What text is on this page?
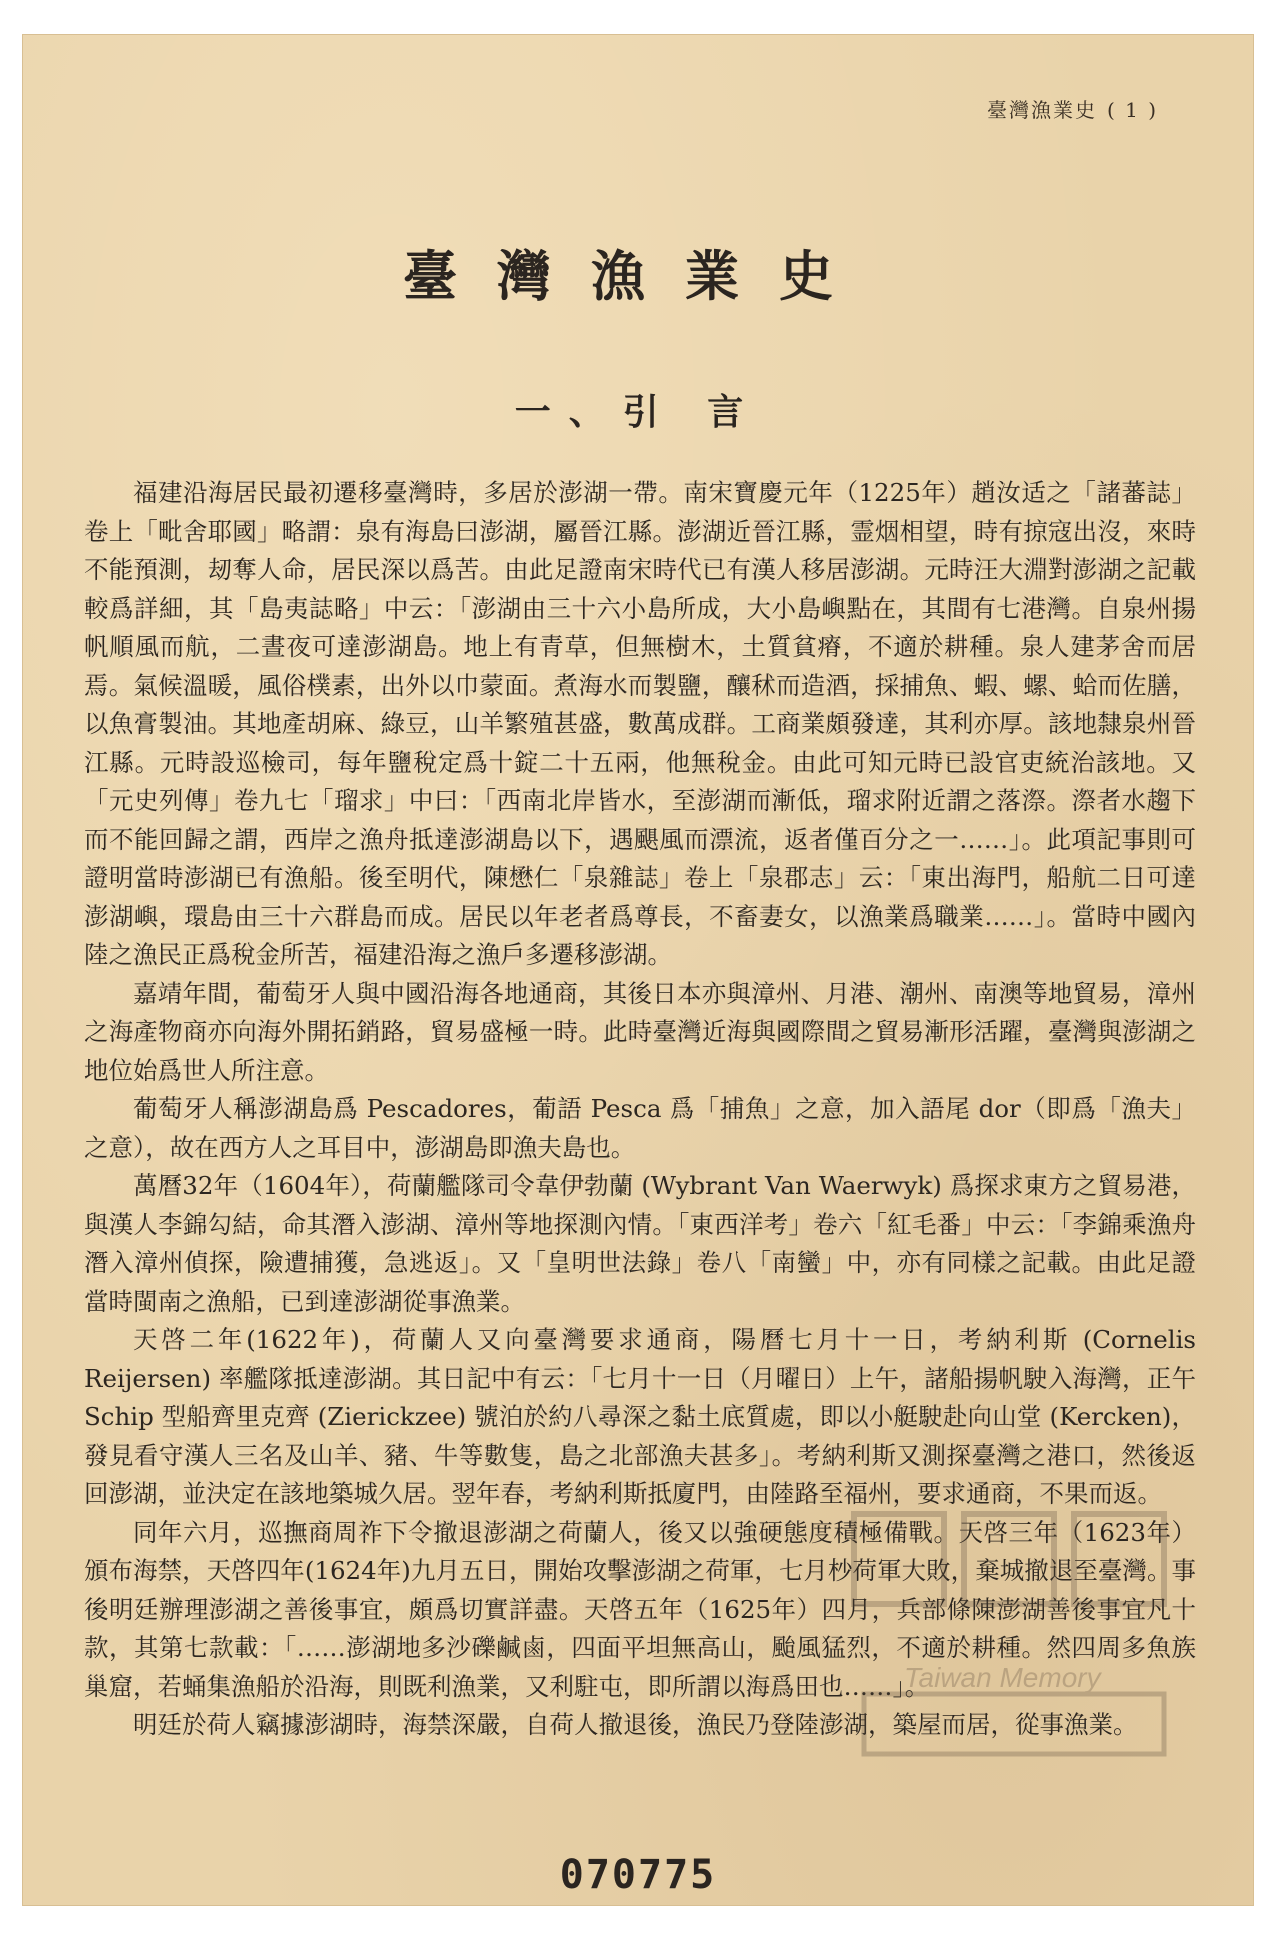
臺灣漁業史 ( 1 )
臺灣漁業史
一、引 言

福建沿海居民最初遷移臺灣時，多居於澎湖一帶。南宋寶慶元年（1225年）趙汝适之「諸蕃誌」卷上「毗舍耶國」略謂：泉有海島曰澎湖，屬晉江縣。澎湖近晉江縣，霊烟相望，時有掠寇出沒，來時不能預測，刼奪人命，居民深以爲苦。由此足證南宋時代已有漢人移居澎湖。元時汪大淵對澎湖之記載較爲詳細，其「島夷誌略」中云：「澎湖由三十六小島所成，大小島嶼點在，其間有七港灣。自泉州揚帆順風而航，二晝夜可達澎湖島。地上有青草，但無樹木，土質貧瘠，不適於耕種。泉人建茅舍而居焉。氣候溫暖，風俗樸素，出外以巾蒙面。煮海水而製鹽，釀秫而造酒，採捕魚、蝦、螺、蛤而佐膳，以魚膏製油。其地產胡麻、綠豆，山羊繁殖甚盛，數萬成群。工商業頗發達，其利亦厚。該地隸泉州晉江縣。元時設巡檢司，每年鹽稅定爲十錠二十五兩，他無稅金。由此可知元時已設官吏統治該地。又「元史列傳」卷九七「瑠求」中曰：「西南北岸皆水，至澎湖而漸低，瑠求附近謂之落漈。漈者水趨下而不能回歸之謂，西岸之漁舟抵達澎湖島以下，遇颶風而漂流，返者僅百分之一……」。此項記事則可證明當時澎湖已有漁船。後至明代，陳懋仁「泉雜誌」卷上「泉郡志」云：「東出海門，船航二日可達澎湖嶼，環島由三十六群島而成。居民以年老者爲尊長，不畜妻女，以漁業爲職業……」。當時中國內陸之漁民正爲稅金所苦，福建沿海之漁戶多遷移澎湖。

嘉靖年間，葡萄牙人與中國沿海各地通商，其後日本亦與漳州、月港、潮州、南澳等地貿易，漳州之海產物商亦向海外開拓銷路，貿易盛極一時。此時臺灣近海與國際間之貿易漸形活躍，臺灣與澎湖之地位始爲世人所注意。

葡萄牙人稱澎湖島爲 Pescadores，葡語 Pesca 爲「捕魚」之意，加入語尾 dor（即爲「漁夫」之意），故在西方人之耳目中，澎湖島即漁夫島也。

萬曆32年（1604年），荷蘭艦隊司令韋伊勃蘭 (Wybrant Van Waerwyk) 爲探求東方之貿易港，與漢人李錦勾結，命其潛入澎湖、漳州等地探測內情。「東西洋考」卷六「紅毛番」中云：「李錦乘漁舟潛入漳州偵探，險遭捕獲，急逃返」。又「皇明世法錄」卷八「南蠻」中，亦有同樣之記載。由此足證當時閩南之漁船，已到達澎湖從事漁業。

天啓二年(1622年)，荷蘭人又向臺灣要求通商，陽曆七月十一日，考納利斯 (Cornelis Reijersen) 率艦隊抵達澎湖。其日記中有云：「七月十一日（月曜日）上午，諸船揚帆駛入海灣，正午 Schip 型船齊里克齊 (Zierickzee) 號泊於約八尋深之黏土底質處，即以小艇駛赴向山堂 (Kercken)，發見看守漢人三名及山羊、豬、牛等數隻，島之北部漁夫甚多」。考納利斯又測探臺灣之港口，然後返回澎湖，並決定在該地築城久居。翌年春，考納利斯抵廈門，由陸路至福州，要求通商，不果而返。

同年六月，巡撫商周祚下令撤退澎湖之荷蘭人，後又以強硬態度積極備戰。天啓三年（1623年）頒布海禁，天啓四年(1624年)九月五日，開始攻擊澎湖之荷軍，七月杪荷軍大敗，棄城撤退至臺灣。事後明廷辦理澎湖之善後事宜，頗爲切實詳盡。天啓五年（1625年）四月，兵部條陳澎湖善後事宜凡十款，其第七款載：「……澎湖地多沙礫鹹鹵，四面平坦無高山，颱風猛烈，不適於耕種。然四周多魚族巢窟，若蛹集漁船於沿海，則既利漁業，又利駐屯，即所謂以海爲田也……」。

明廷於荷人竊據澎湖時，海禁深嚴，自荷人撤退後，漁民乃登陸澎湖，築屋而居，從事漁業。

Taiwan Memory
070775
